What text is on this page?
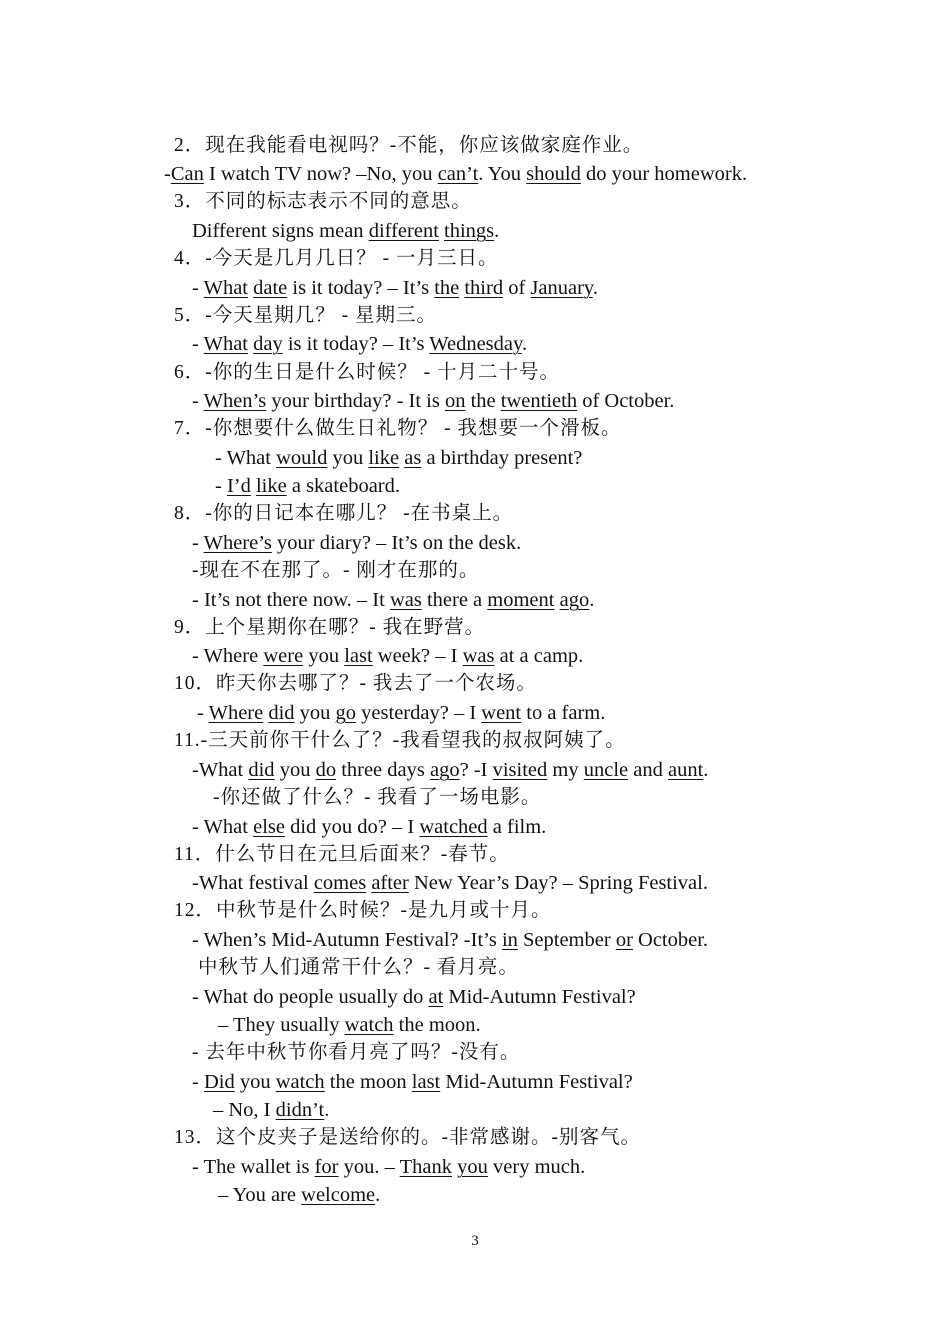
2．现在我能看电视吗？-不能，你应该做家庭作业。
-Can I watch TV now? –No, you can’t. You should do your homework.
3．不同的标志表示不同的意思。
Different signs mean different things.
4．-今天是几月几日？ - 一月三日。
- What date is it today? – It’s the third of January.
5．-今天星期几？ - 星期三。
- What day is it today? – It’s Wednesday.
6．-你的生日是什么时候？ - 十月二十号。
- When’s your birthday? - It is on the twentieth of October.
7．-你想要什么做生日礼物？ - 我想要一个滑板。
- What would you like as a birthday present?
- I’d like a skateboard.
8．-你的日记本在哪儿？ -在书桌上。
- Where’s your diary? – It’s on the desk.
-现在不在那了。- 刚才在那的。
- It’s not there now. – It was there a moment ago.
9．上个星期你在哪？- 我在野营。
- Where were you last week? – I was at a camp.
10．昨天你去哪了？- 我去了一个农场。
- Where did you go yesterday? – I went to a farm.
11.-三天前你干什么了？-我看望我的叔叔阿姨了。
-What did you do three days ago? -I visited my uncle and aunt.
-你还做了什么？- 我看了一场电影。
- What else did you do? – I watched a film.
11．什么节日在元旦后面来？-春节。
-What festival comes after New Year’s Day? – Spring Festival.
12．中秋节是什么时候？-是九月或十月。
- When’s Mid-Autumn Festival? -It’s in September or October.
中秋节人们通常干什么？- 看月亮。
- What do people usually do at Mid-Autumn Festival?
– They usually watch the moon.
- 去年中秋节你看月亮了吗？-没有。
- Did you watch the moon last Mid-Autumn Festival?
– No, I didn’t.
13．这个皮夹子是送给你的。-非常感谢。-别客气。
- The wallet is for you. – Thank you very much.
– You are welcome.
3
